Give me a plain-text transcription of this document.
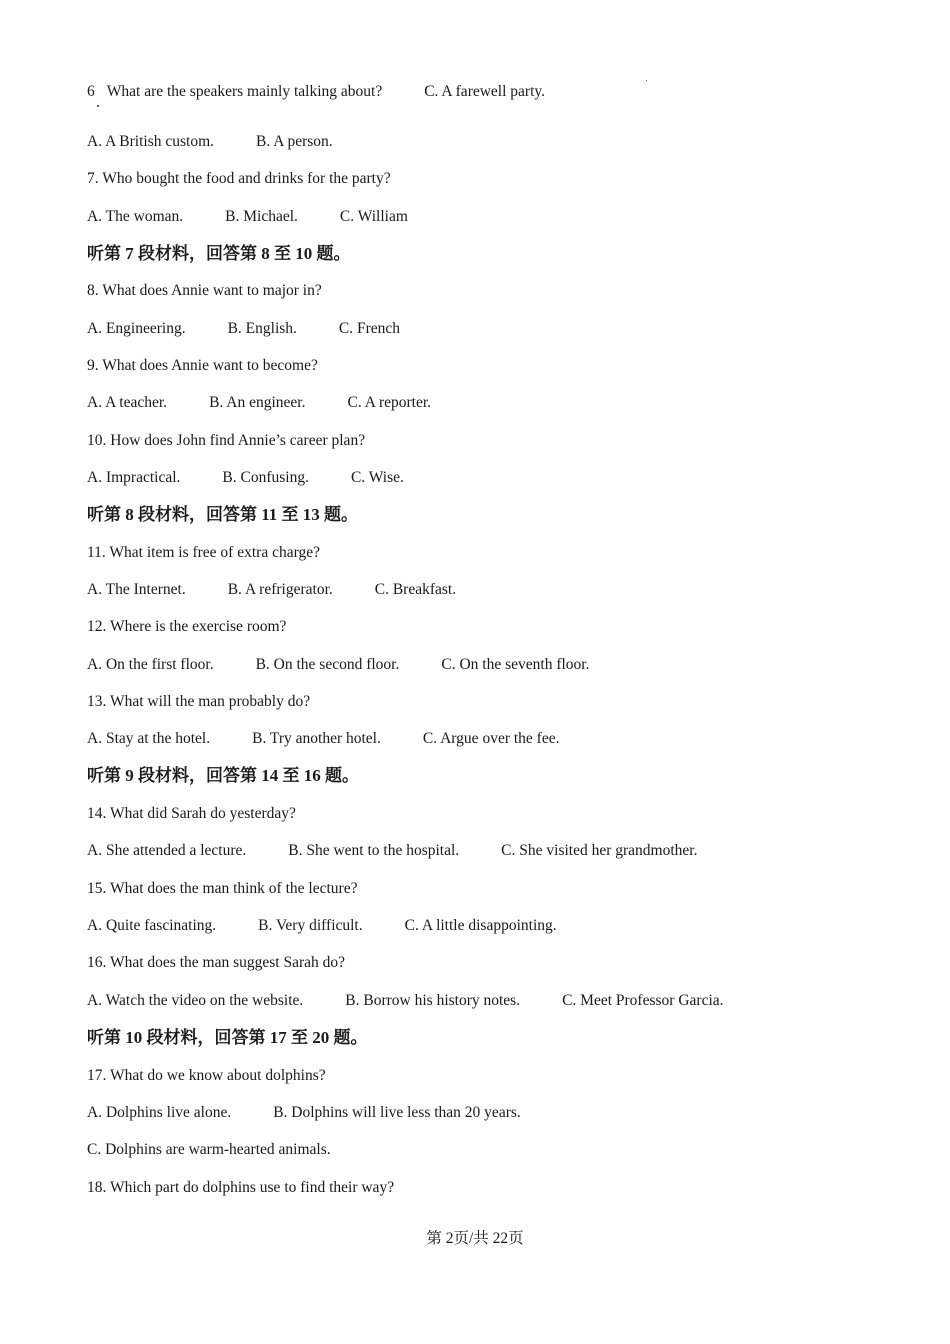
6 What are the speakers mainly talking about?	C. A farewell party.
A. A British custom.	B. A person.
7. Who bought the food and drinks for the party?
A. The woman.	B. Michael.	C. William
听第 7 段材料，回答第 8 至 10 题。
8. What does Annie want to major in?
A. Engineering.	B. English.	C. French
9. What does Annie want to become?
A. A teacher.	B. An engineer.	C. A reporter.
10. How does John find Annie’s career plan?
A. Impractical.	B. Confusing.	C. Wise.
听第 8 段材料，回答第 11 至 13 题。
11. What item is free of extra charge?
A. The Internet.	B. A refrigerator.	C. Breakfast.
12. Where is the exercise room?
A. On the first floor.	B. On the second floor.	C. On the seventh floor.
13. What will the man probably do?
A. Stay at the hotel.	B. Try another hotel.	C. Argue over the fee.
听第 9 段材料，回答第 14 至 16 题。
14. What did Sarah do yesterday?
A. She attended a lecture.	B. She went to the hospital.	C. She visited her grandmother.
15. What does the man think of the lecture?
A. Quite fascinating.	B. Very difficult.	C. A little disappointing.
16. What does the man suggest Sarah do?
A. Watch the video on the website.	B. Borrow his history notes.	C. Meet Professor Garcia.
听第 10 段材料，回答第 17 至 20 题。
17. What do we know about dolphins?
A. Dolphins live alone.	B. Dolphins will live less than 20 years.
C. Dolphins are warm-hearted animals.
18. Which part do dolphins use to find their way?
第 2页/共 22页
